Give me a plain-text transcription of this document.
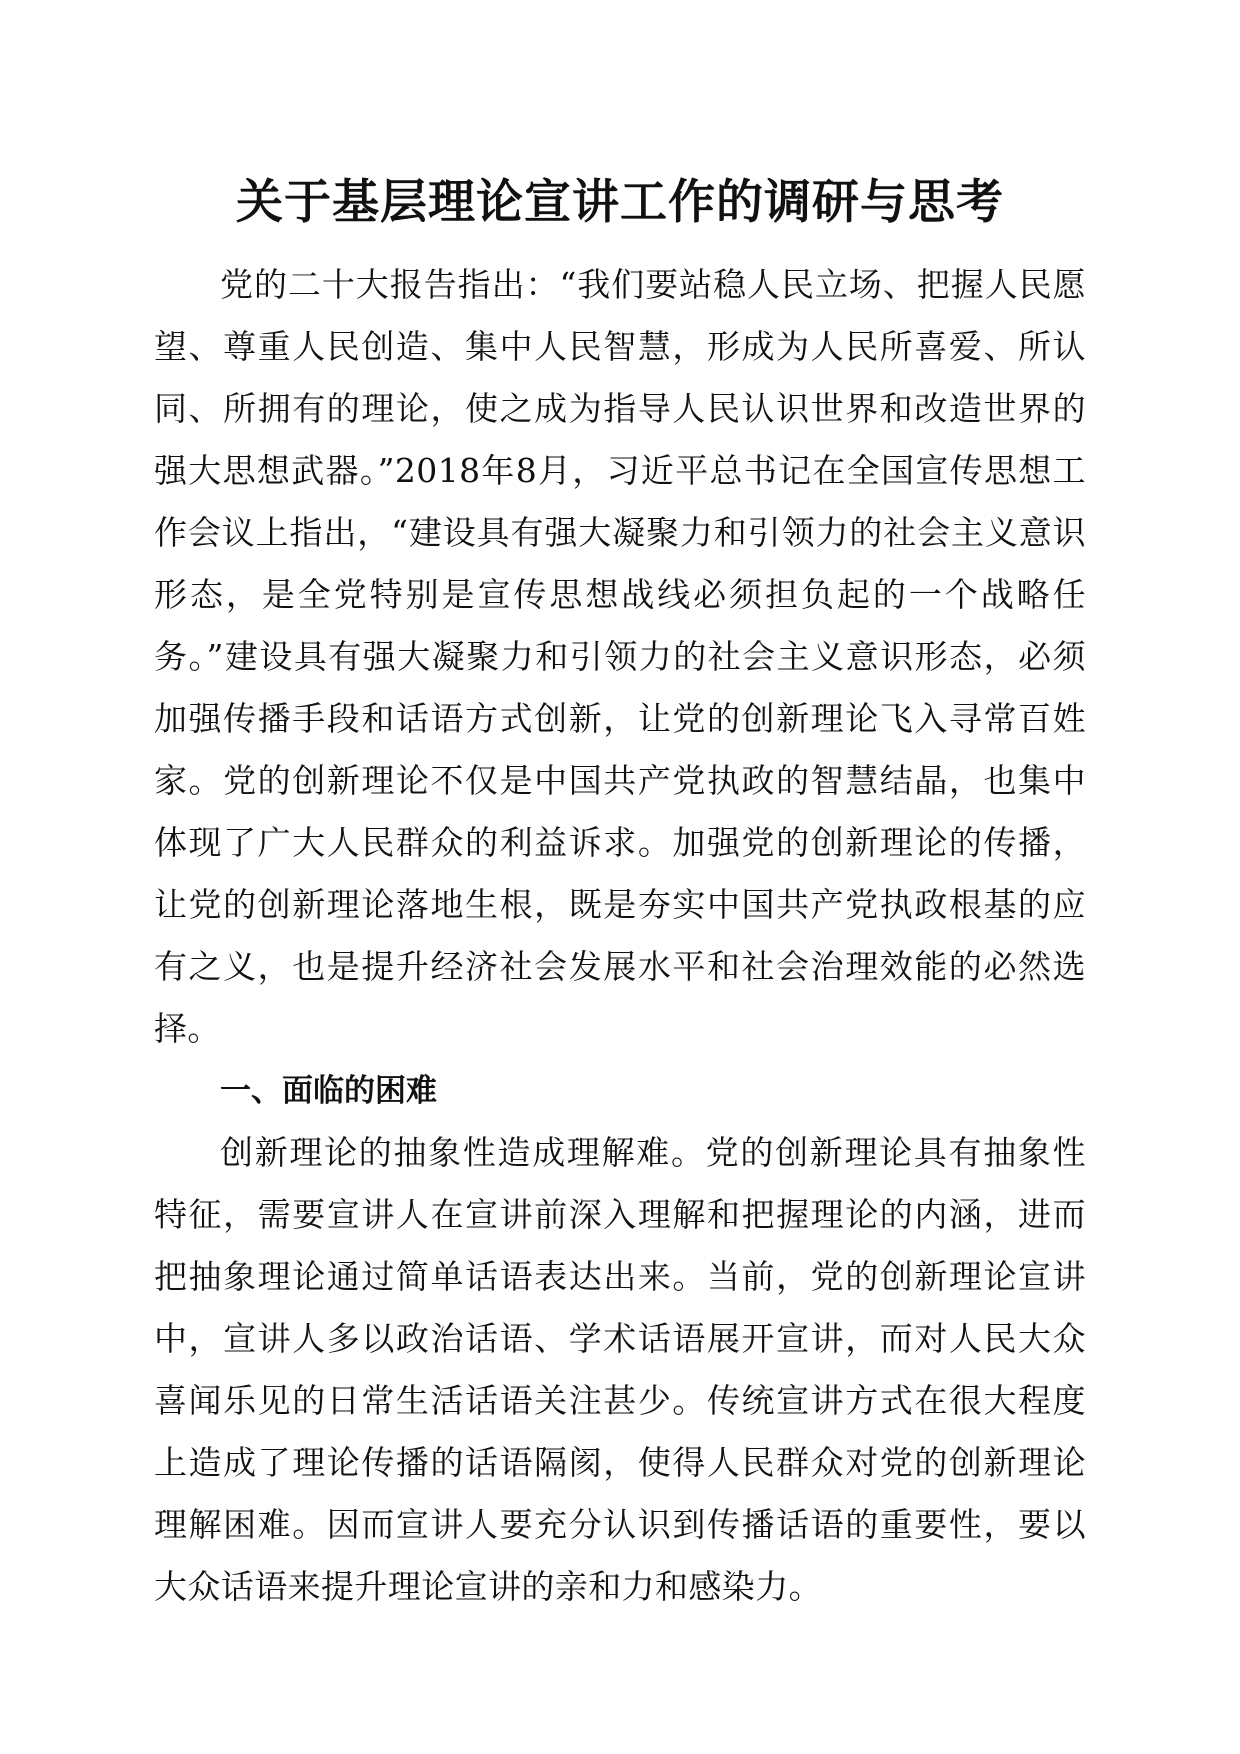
关于基层理论宣讲工作的调研与思考

党的二十大报告指出：“我们要站稳人民立场、把握人民愿望、尊重人民创造、集中人民智慧，形成为人民所喜爱、所认同、所拥有的理论，使之成为指导人民认识世界和改造世界的强大思想武器。”2018年8月，习近平总书记在全国宣传思想工作会议上指出，“建设具有强大凝聚力和引领力的社会主义意识形态，是全党特别是宣传思想战线必须担负起的一个战略任务。”建设具有强大凝聚力和引领力的社会主义意识形态，必须加强传播手段和话语方式创新，让党的创新理论飞入寻常百姓家。党的创新理论不仅是中国共产党执政的智慧结晶，也集中体现了广大人民群众的利益诉求。加强党的创新理论的传播，让党的创新理论落地生根，既是夯实中国共产党执政根基的应有之义，也是提升经济社会发展水平和社会治理效能的必然选择。

一、面临的困难

创新理论的抽象性造成理解难。党的创新理论具有抽象性特征，需要宣讲人在宣讲前深入理解和把握理论的内涵，进而把抽象理论通过简单话语表达出来。当前，党的创新理论宣讲中，宣讲人多以政治话语、学术话语展开宣讲，而对人民大众喜闻乐见的日常生活话语关注甚少。传统宣讲方式在很大程度上造成了理论传播的话语隔阂，使得人民群众对党的创新理论理解困难。因而宣讲人要充分认识到传播话语的重要性，要以大众话语来提升理论宣讲的亲和力和感染力。
